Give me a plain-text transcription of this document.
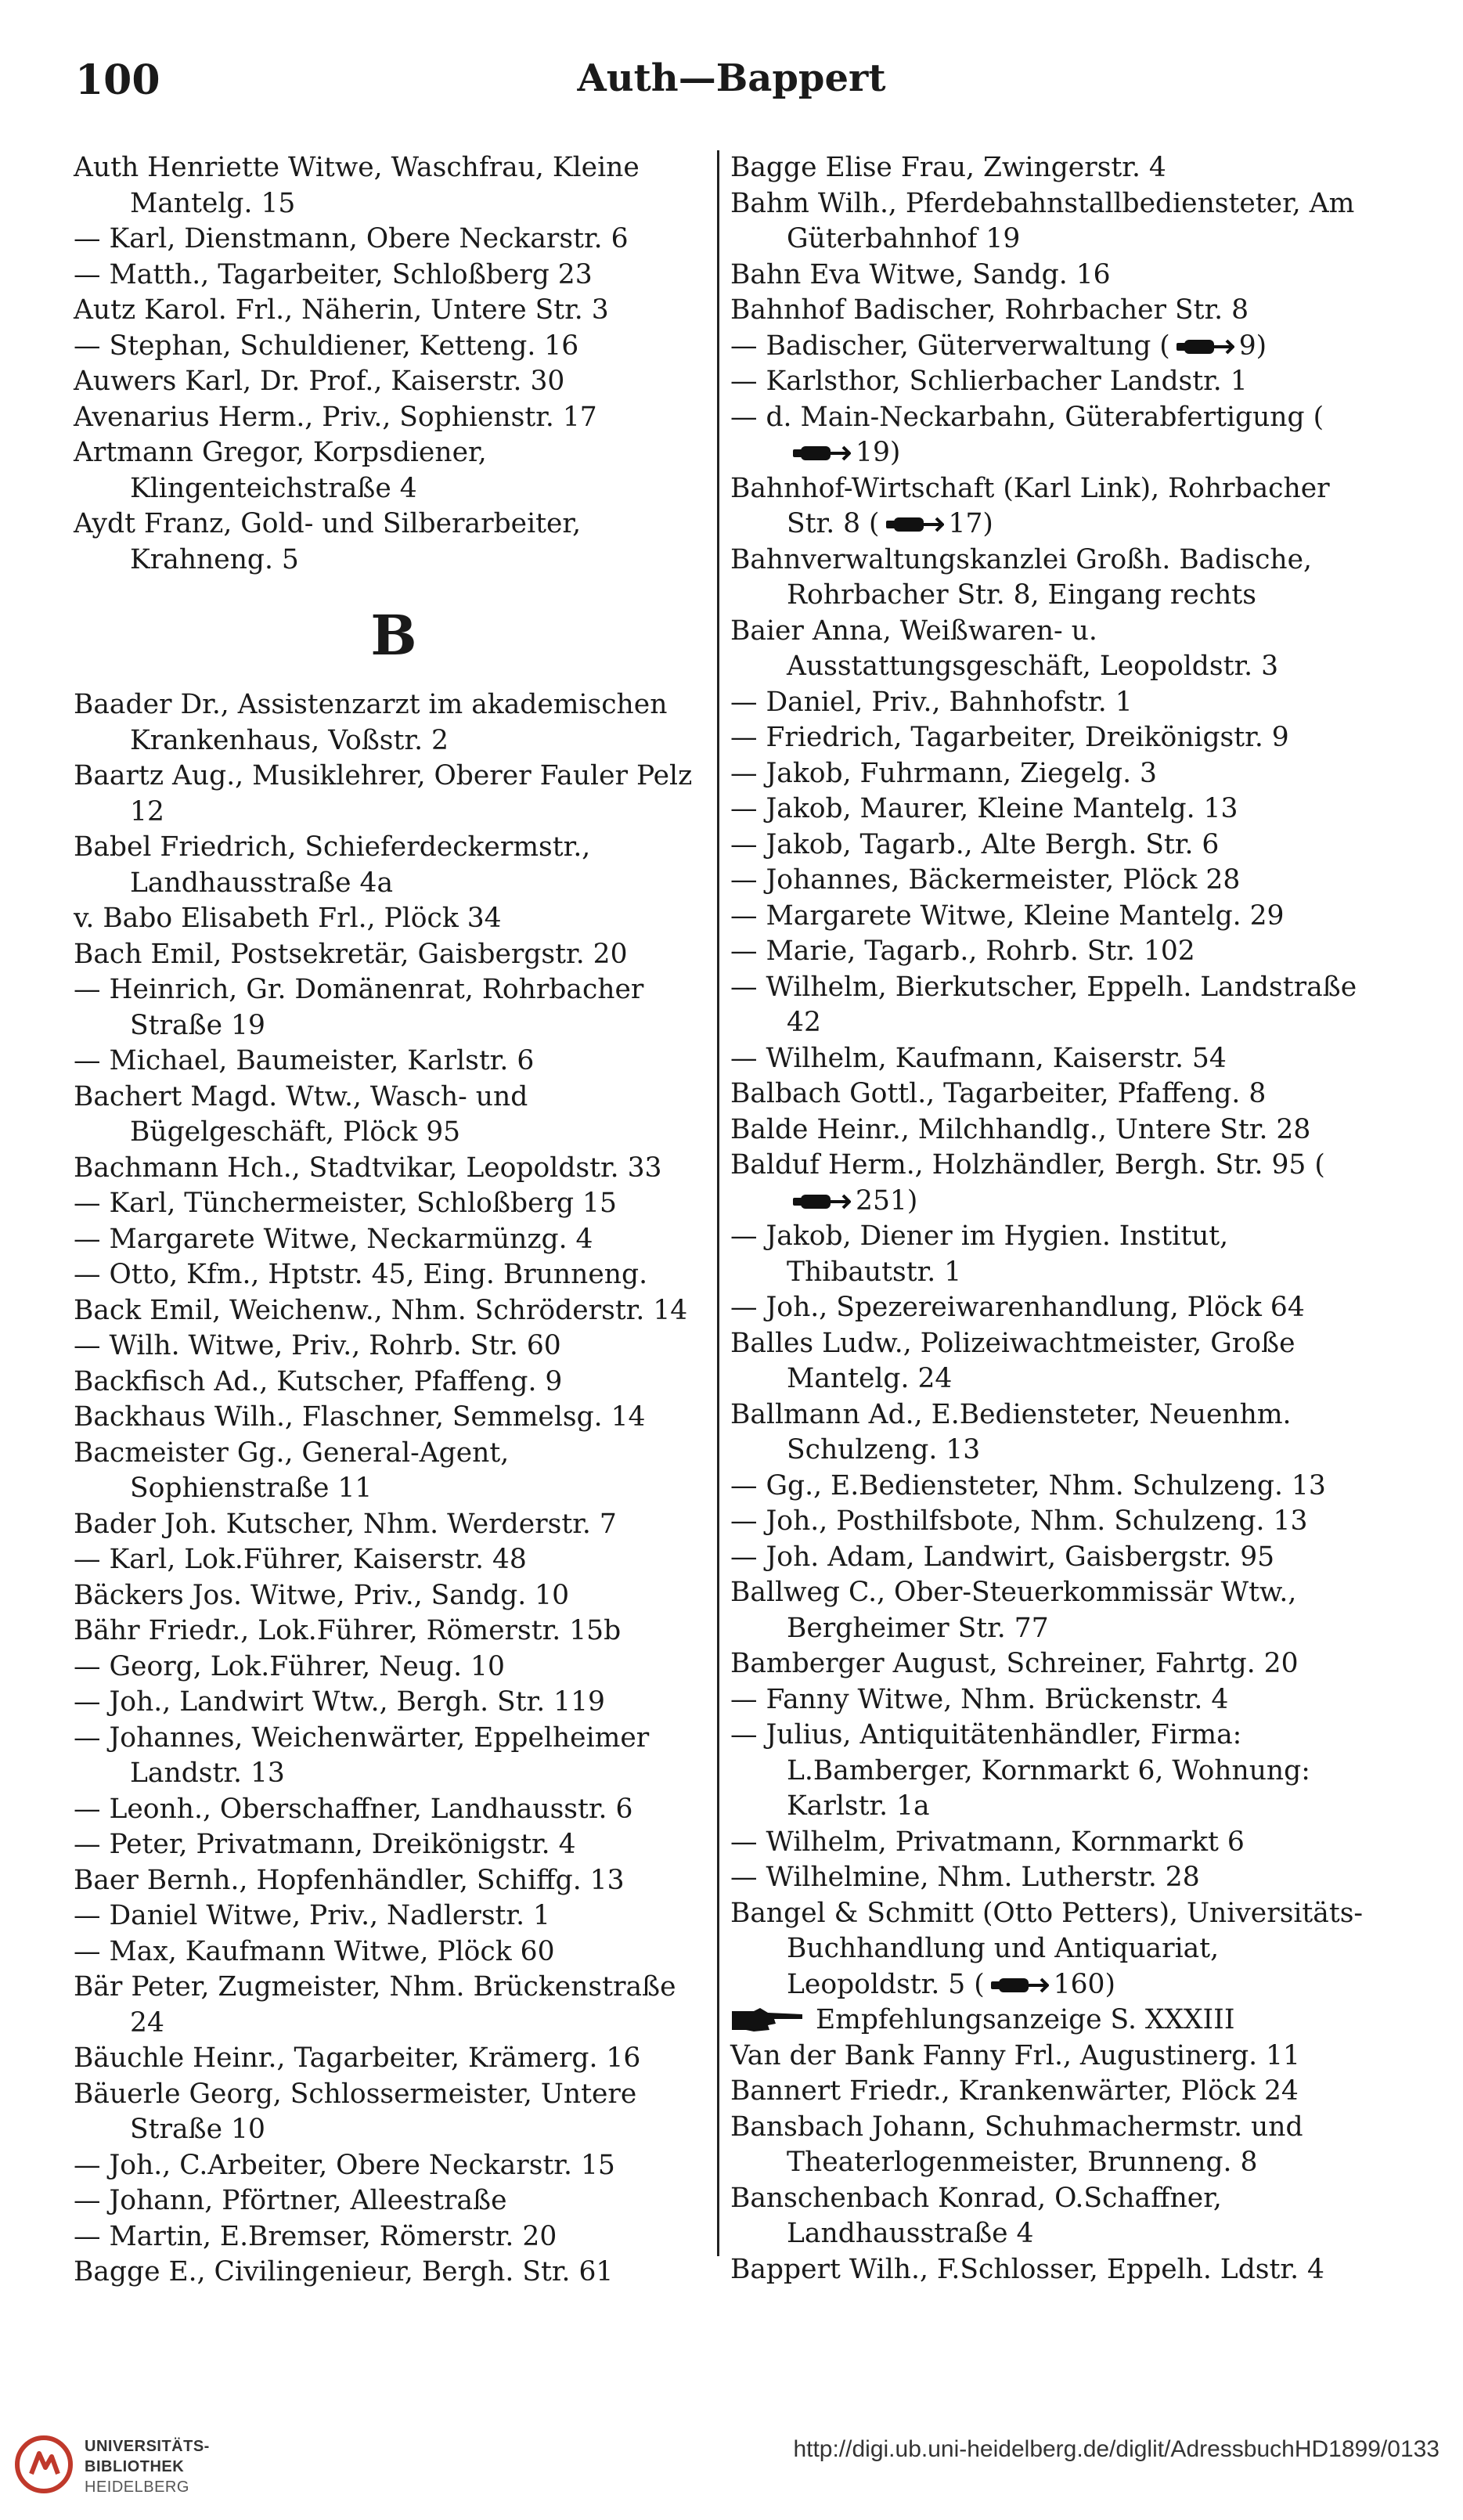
100	Auth—Bappert

Auth Henriette Witwe, Waschfrau, Kleine Mantelg. 15

— Karl, Dienstmann, Obere Neckarstr. 6

— Matth., Tagarbeiter, Schloßberg 23

Autz Karol. Frl., Näherin, Untere Str. 3

— Stephan, Schuldiener, Ketteng. 16

Auwers Karl, Dr. Prof., Kaiserstr. 30

Avenarius Herm., Priv., Sophienstr. 17

Artmann Gregor, Korpsdiener, Klingenteichstraße 4

Aydt Franz, Gold- und Silberarbeiter, Krahneng. 5

B

Baader Dr., Assistenzarzt im akademischen Krankenhaus, Voßstr. 2

Baartz Aug., Musiklehrer, Oberer Fauler Pelz 12

Babel Friedrich, Schieferdeckermstr., Landhausstraße 4a

v. Babo Elisabeth Frl., Plöck 34

Bach Emil, Postsekretär, Gaisbergstr. 20

— Heinrich, Gr. Domänenrat, Rohrbacher Straße 19

— Michael, Baumeister, Karlstr. 6

Bachert Magd. Wtw., Wasch- und Bügelgeschäft, Plöck 95

Bachmann Hch., Stadtvikar, Leopoldstr. 33

— Karl, Tünchermeister, Schloßberg 15

— Margarete Witwe, Neckarmünzg. 4

— Otto, Kfm., Hptstr. 45, Eing. Brunneng.

Back Emil, Weichenw., Nhm. Schröderstr. 14

— Wilh. Witwe, Priv., Rohrb. Str. 60

Backfisch Ad., Kutscher, Pfaffeng. 9

Backhaus Wilh., Flaschner, Semmelsg. 14

Bacmeister Gg., General-Agent, Sophienstraße 11

Bader Joh. Kutscher, Nhm. Werderstr. 7

— Karl, Lok.Führer, Kaiserstr. 48

Bäckers Jos. Witwe, Priv., Sandg. 10

Bähr Friedr., Lok.Führer, Römerstr. 15b

— Georg, Lok.Führer, Neug. 10

— Joh., Landwirt Wtw., Bergh. Str. 119

— Johannes, Weichenwärter, Eppelheimer Landstr. 13

— Leonh., Oberschaffner, Landhausstr. 6

— Peter, Privatmann, Dreikönigstr. 4

Baer Bernh., Hopfenhändler, Schiffg. 13

— Daniel Witwe, Priv., Nadlerstr. 1

— Max, Kaufmann Witwe, Plöck 60

Bär Peter, Zugmeister, Nhm. Brückenstraße 24

Bäuchle Heinr., Tagarbeiter, Krämerg. 16

Bäuerle Georg, Schlossermeister, Untere Straße 10

— Joh., C.Arbeiter, Obere Neckarstr. 15

— Johann, Pförtner, Alleestraße

— Martin, E.Bremser, Römerstr. 20

Bagge E., Civilingenieur, Bergh. Str. 61

Bagge Elise Frau, Zwingerstr. 4

Bahm Wilh., Pferdebahnstallbediensteter, Am Güterbahnhof 19

Bahn Eva Witwe, Sandg. 16

Bahnhof Badischer, Rohrbacher Str. 8

— Badischer, Güterverwaltung (	9)

— Karlsthor, Schlierbacher Landstr. 1

— d. Main-Neckarbahn, Güterabfertigung (19)

Bahnhof-Wirtschaft (Karl Link), Rohrbacher Str. 8 (	17)

Bahnverwaltungskanzlei Großh. Badische, Rohrbacher Str. 8, Eingang rechts

Baier Anna, Weißwaren- u. Ausstattungsgeschäft, Leopoldstr. 3

— Daniel, Priv., Bahnhofstr. 1

— Friedrich, Tagarbeiter, Dreikönigstr. 9

— Jakob, Fuhrmann, Ziegelg. 3

— Jakob, Maurer, Kleine Mantelg. 13

— Jakob, Tagarb., Alte Bergh. Str. 6

— Johannes, Bäckermeister, Plöck 28

— Margarete Witwe, Kleine Mantelg. 29

— Marie, Tagarb., Rohrb. Str. 102

— Wilhelm, Bierkutscher, Eppelh. Landstraße 42

— Wilhelm, Kaufmann, Kaiserstr. 54

Balbach Gottl., Tagarbeiter, Pfaffeng. 8

Balde Heinr., Milchhandlg., Untere Str. 28

Balduf Herm., Holzhändler, Bergh. Str. 95 (251)

— Jakob, Diener im Hygien. Institut, Thibautstr. 1

— Joh., Spezereiwarenhandlung, Plöck 64

Balles Ludw., Polizeiwachtmeister, Große Mantelg. 24

Ballmann Ad., E.Bediensteter, Neuenhm. Schulzeng. 13

— Gg., E.Bediensteter, Nhm. Schulzeng. 13

— Joh., Posthilfsbote, Nhm. Schulzeng. 13

— Joh. Adam, Landwirt, Gaisbergstr. 95

Ballweg C., Ober-Steuerkommissär Wtw., Bergheimer Str. 77

Bamberger August, Schreiner, Fahrtg. 20

— Fanny Witwe, Nhm. Brückenstr. 4

— Julius, Antiquitätenhändler, Firma: L.Bamberger, Kornmarkt 6, Wohnung: Karlstr. 1a

— Wilhelm, Privatmann, Kornmarkt 6

— Wilhelmine, Nhm. Lutherstr. 28

Bangel & Schmitt (Otto Petters), Universitäts-Buchhandlung und Antiquariat, Leopoldstr. 5 (	160)

Empfehlungsanzeige S. XXXIII

Van der Bank Fanny Frl., Augustinerg. 11

Bannert Friedr., Krankenwärter, Plöck 24

Bansbach Johann, Schuhmachermstr. und Theaterlogenmeister, Brunneng. 8

Banschenbach Konrad, O.Schaffner, Landhausstraße 4

Bappert Wilh., F.Schlosser, Eppelh. Ldstr. 4

UNIVERSITÄTS-
BIBLIOTHEK
HEIDELBERG
http://digi.ub.uni-heidelberg.de/diglit/AdressbuchHD1899/0133
